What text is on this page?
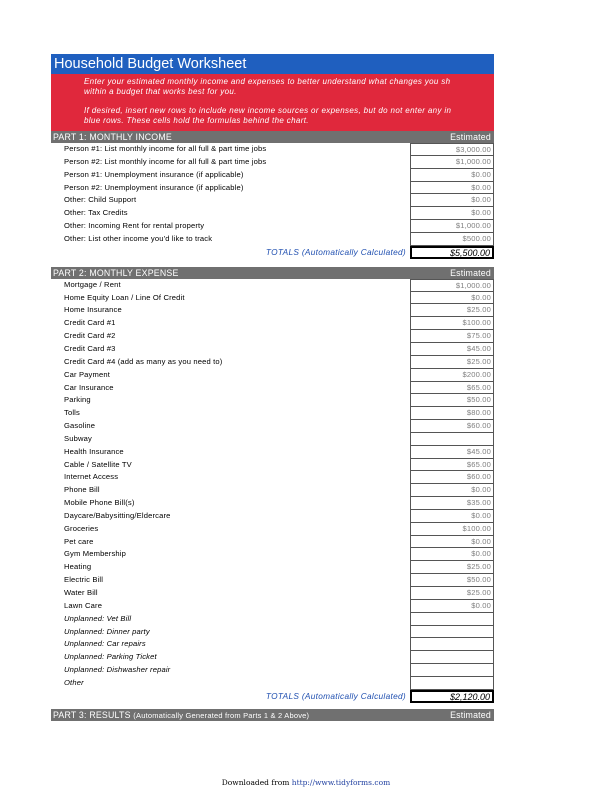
Household Budget Worksheet
Enter your estimated monthly income and expenses to better understand what changes you sh
within a budget that works best for you.
If desired, insert new rows to include new income sources or expenses, but do not enter any in
blue rows. These cells hold the formulas behind the chart.
PART 1: MONTHLY INCOME	Estimated
Person #1: List monthly income for all full & part time jobs	$3,000.00
Person #2: List monthly income for all full & part time jobs	$1,000.00
Person #1: Unemployment insurance (if applicable)	$0.00
Person #2: Unemployment insurance (if applicable)	$0.00
Other: Child Support	$0.00
Other: Tax Credits	$0.00
Other: Incoming Rent for rental property	$1,000.00
Other: List other income you'd like to track	$500.00
TOTALS (Automatically Calculated)	$5,500.00
PART 2: MONTHLY EXPENSE	Estimated
Mortgage / Rent	$1,000.00
Home Equity Loan / Line Of Credit	$0.00
Home Insurance	$25.00
Credit Card #1	$100.00
Credit Card #2	$75.00
Credit Card #3	$45.00
Credit Card #4 (add as many as you need to)	$25.00
Car Payment	$200.00
Car Insurance	$65.00
Parking	$50.00
Tolls	$80.00
Gasoline	$60.00
Subway
Health Insurance	$45.00
Cable / Satellite TV	$65.00
Internet Access	$60.00
Phone Bill	$0.00
Mobile Phone Bill(s)	$35.00
Daycare/Babysitting/Eldercare	$0.00
Groceries	$100.00
Pet care	$0.00
Gym Membership	$0.00
Heating	$25.00
Electric Bill	$50.00
Water Bill	$25.00
Lawn Care	$0.00
Unplanned: Vet Bill
Unplanned: Dinner party
Unplanned: Car repairs
Unplanned: Parking Ticket
Unplanned: Dishwasher repair
Other
TOTALS (Automatically Calculated)	$2,120.00
PART 3: RESULTS (Automatically Generated from Parts 1 & 2 Above)	Estimated
Downloaded from http://www.tidyforms.com
